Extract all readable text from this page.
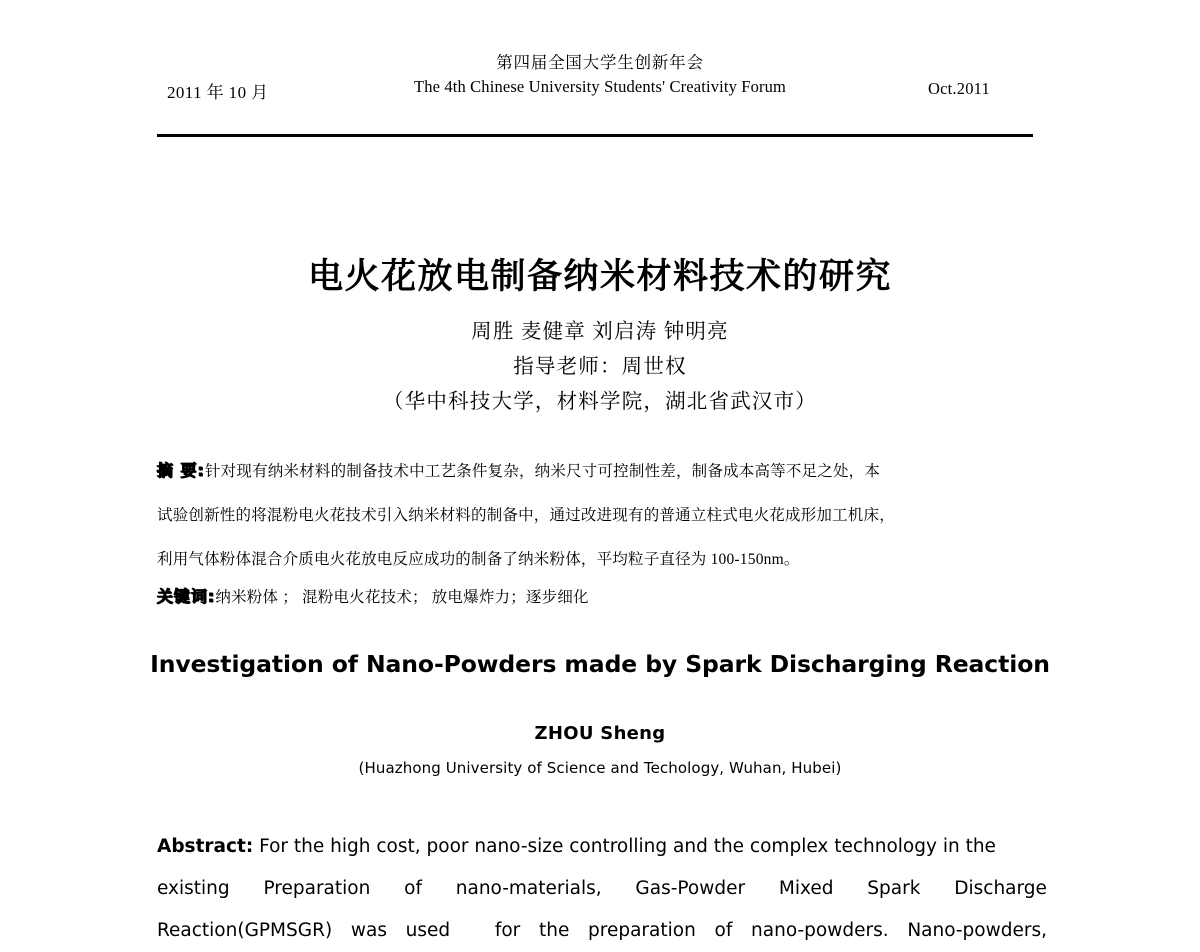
2011 年 10 月
第四届全国大学生创新年会
The 4th Chinese University Students' Creativity Forum	Oct.2011
电火花放电制备纳米材料技术的研究
周胜 麦健章 刘启涛 钟明亮
指导老师：周世权
（华中科技大学，材料学院，湖北省武汉市）
摘 要:针对现有纳米材料的制备技术中工艺条件复杂，纳米尺寸可控制性差，制备成本高等不足之处，本
试验创新性的将混粉电火花技术引入纳米材料的制备中，通过改进现有的普通立柱式电火花成形加工机床，
利用气体粉体混合介质电火花放电反应成功的制备了纳米粉体，平均粒子直径为 100-150nm。
关键词:纳米粉体 ； 混粉电火花技术； 放电爆炸力；逐步细化
Investigation of Nano-Powders made by Spark Discharging Reaction
ZHOU Sheng
(Huazhong University of Science and Techology, Wuhan, Hubei)
Abstract: For the high cost, poor nano-size controlling and the complex technology in the
existing Preparation of nano-materials, Gas-Powder Mixed Spark Discharge
Reaction(GPMSGR) was used	for the preparation of nano-powders. Nano-powders,
